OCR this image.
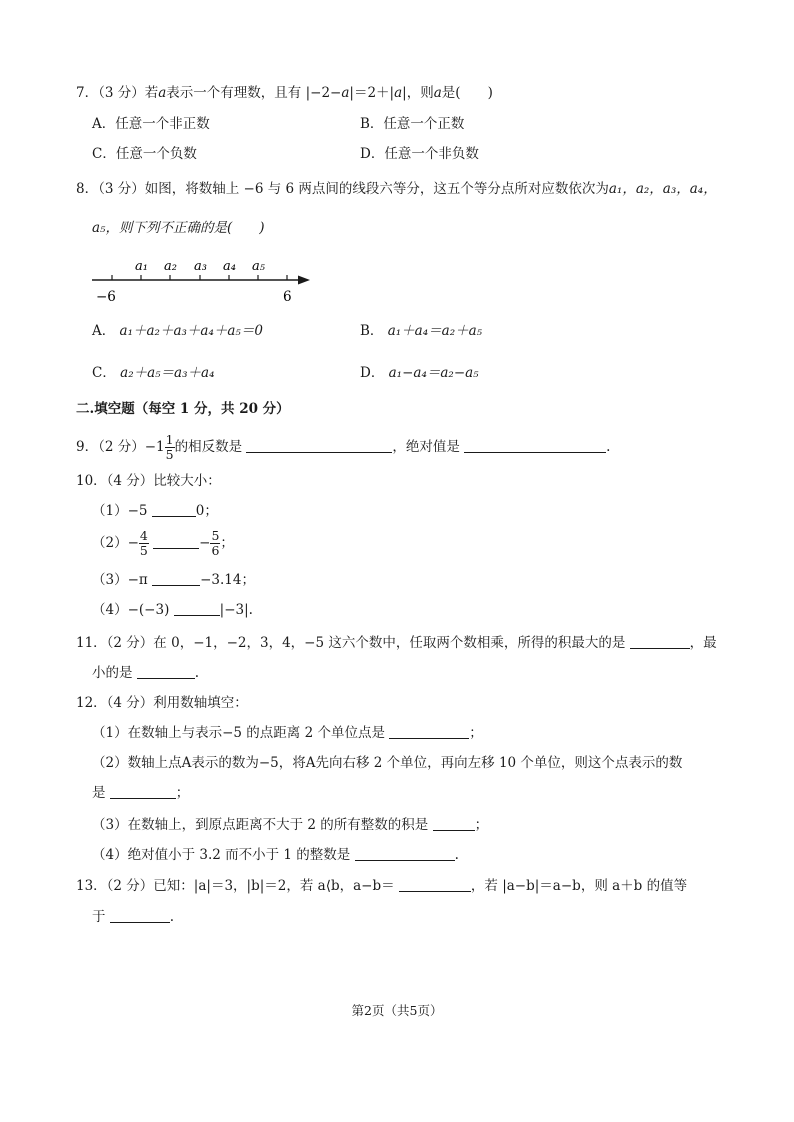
7．（3 分）若a表示一个有理数，且有 |−2−a|＝2＋|a|，则a是(　　)
A．任意一个非正数	B．任意一个正数
C．任意一个负数	D．任意一个非负数
8．（3 分）如图，将数轴上 −6 与 6 两点间的线段六等分，这五个等分点所对应数依次为a₁，a₂，a₃，a₄，
a₅，则下列不正确的是(　　)
a₁ a₂ a₃ a₄ a₅
−6	6
A． a₁＋a₂＋a₃＋a₄＋a₅＝0	B． a₁＋a₄＝a₂＋a₅
C． a₂＋a₅＝a₃＋a₄	D． a₁−a₄＝a₂−a₅
二.填空题（每空 1 分，共 20 分）
9．（2 分）$-1 \frac{1}{5}$ 的相反数是	，绝对值是	.
10．（4 分）比较大小：
（1）−5	0；
$(2)- \frac{4}{5}$	− $\frac{5}{6}$ ；
（3）−π	−3.14；
（4）−(−3)	|−3|.
11．（2 分）在 0，−1，−2，3，4，−5 这六个数中，任取两个数相乘，所得的积最大的是	，最
小的是	.
12．（4 分）利用数轴填空：
（1）在数轴上与表示−5 的点距离 2 个单位点是	；
（2）数轴上点A表示的数为−5，将A先向右移 2 个单位，再向左移 10 个单位，则这个点表示的数
是	；
（3）在数轴上，到原点距离不大于 2 的所有整数的积是	；
（4）绝对值小于 3.2 而不小于 1 的整数是	.
13．（2 分）已知：|a|＝3，|b|＝2，若 a⟨b，a−b＝	，若 |a−b|＝a−b，则 a＋b 的值等
于	.
第2页（共5页）
